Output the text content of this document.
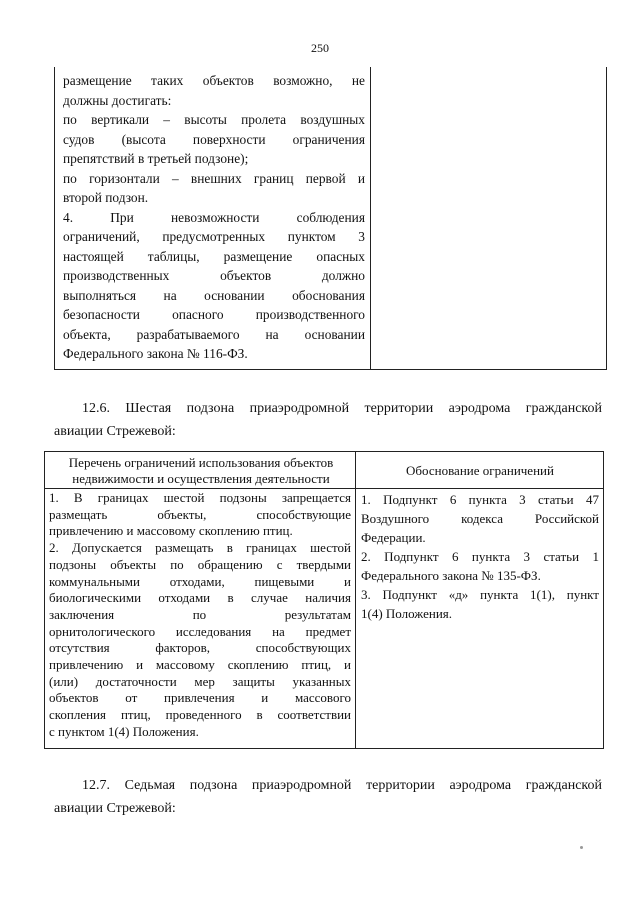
250

размещение таких объектов возможно, не

должны достигать:

по вертикали – высоты пролета воздушных

судов (высота поверхности ограничения

препятствий в третьей подзоне);

по горизонтали – внешних границ первой и

второй подзон.

4. При невозможности соблюдения

ограничений, предусмотренных пунктом 3

настоящей таблицы, размещение опасных

производственных объектов должно

выполняться на основании обоснования

безопасности опасного производственного

объекта, разрабатываемого на основании

Федерального закона № 116-ФЗ.

12.6. Шестая подзона приаэродромной территории аэродрома гражданской
авиации Стрежевой:
Перечень ограничений использования объектов недвижимости и осуществления деятельности
Обоснование ограничений

1. В границах шестой подзоны запрещается

размещать объекты, способствующие

привлечению и массовому скоплению птиц.

2. Допускается размещать в границах шестой

подзоны объекты по обращению с твердыми

коммунальными отходами, пищевыми и

биологическими отходами в случае наличия

заключения по результатам

орнитологического исследования на предмет

отсутствия факторов, способствующих

привлечению и массовому скоплению птиц, и

(или) достаточности мер защиты указанных

объектов от привлечения и массового

скопления птиц, проведенного в соответствии

с пунктом 1(4) Положения.

1. Подпункт 6 пункта 3 статьи 47

Воздушного кодекса Российской

Федерации.

2. Подпункт 6 пункта 3 статьи 1

Федерального закона № 135-ФЗ.

3. Подпункт «д» пункта 1(1), пункт

1(4) Положения.

12.7. Седьмая подзона приаэродромной территории аэродрома гражданской
авиации Стрежевой:
